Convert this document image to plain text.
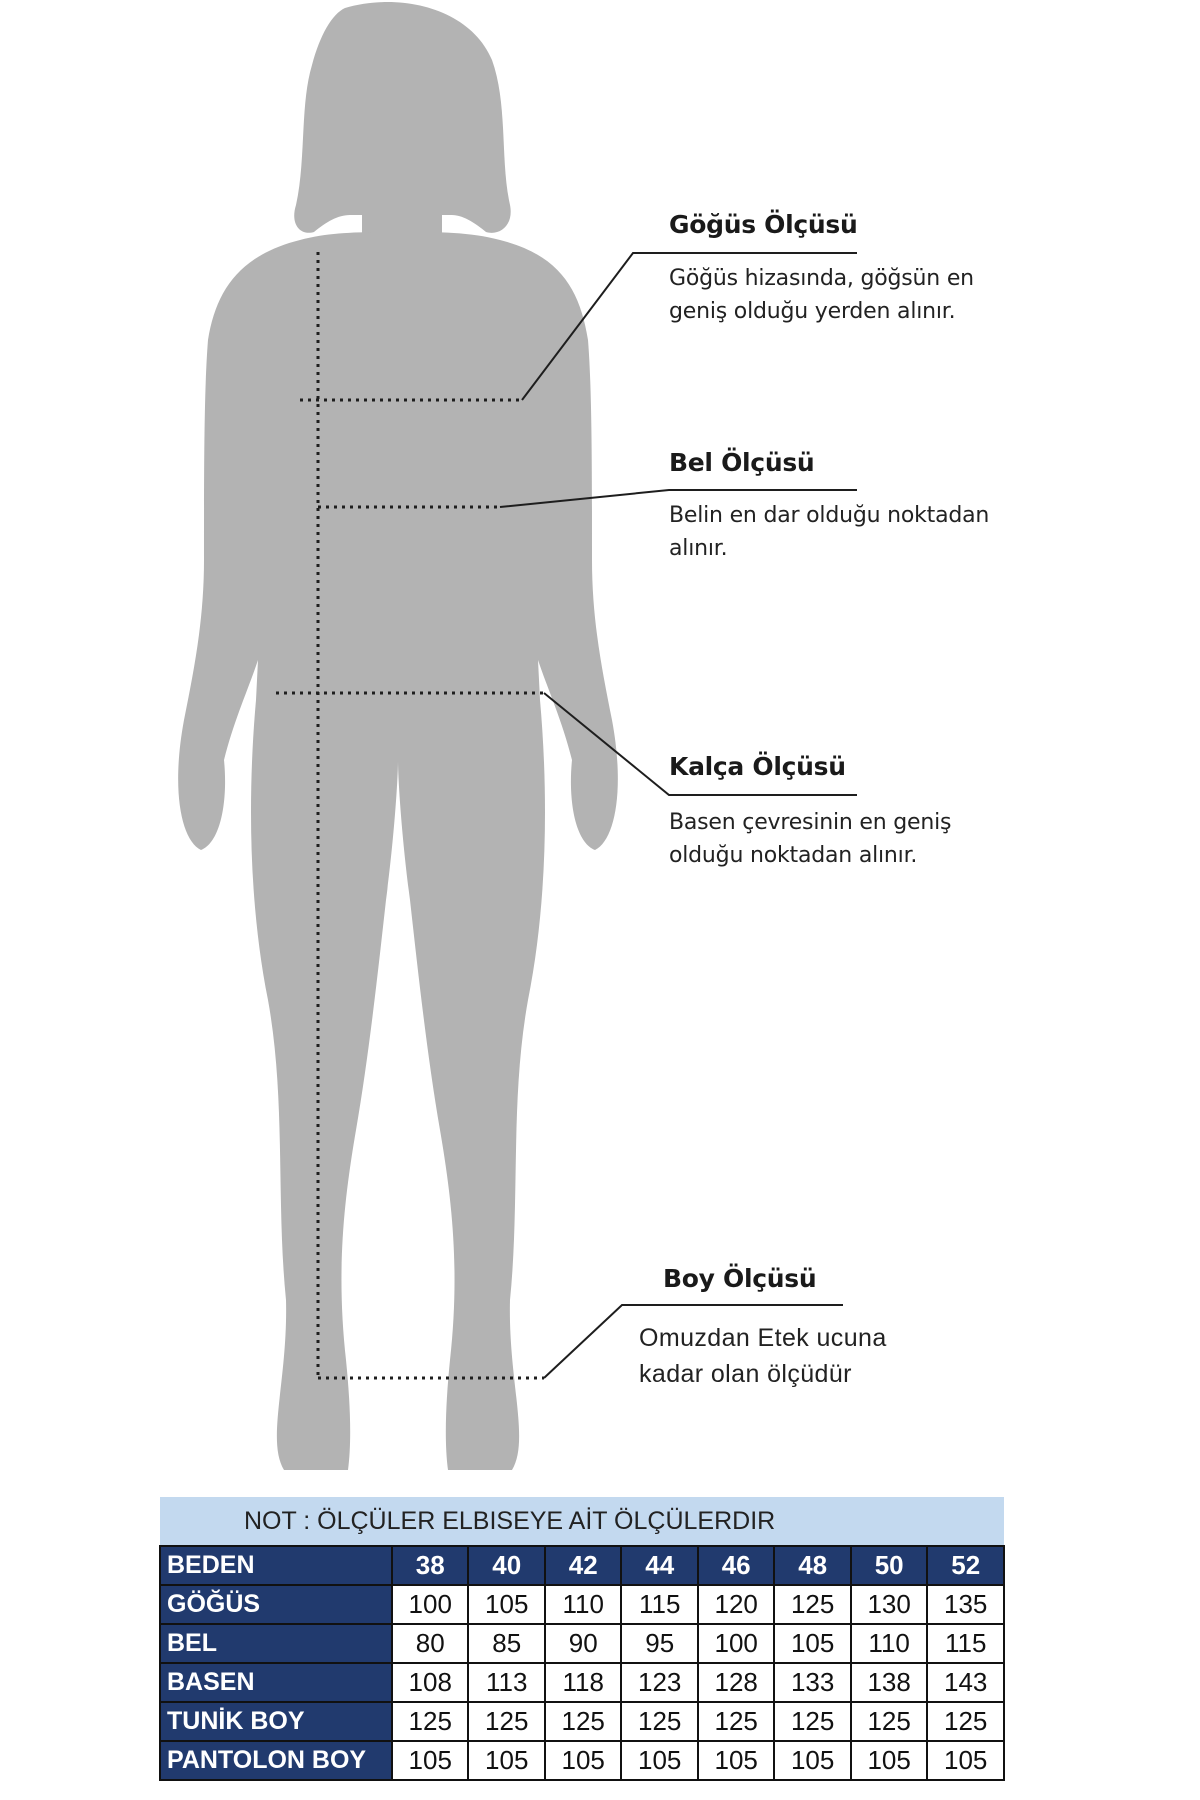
Göğüs Ölçüsü
Göğüs hizasında, göğsün en
geniş olduğu yerden alınır.
Bel Ölçüsü
Belin en dar olduğu noktadan
alınır.
Kalça Ölçüsü
Basen çevresinin en geniş
olduğu noktadan alınır.
Boy Ölçüsü
Omuzdan Etek ucuna
kadar olan ölçüdür
NOT : ÖLÇÜLER ELBISEYE AİT ÖLÇÜLERDIR								
BEDEN	38	40	42	44	46	48	50	52
GÖĞÜS	100	105	110	115	120	125	130	135
BEL	80	85	90	95	100	105	110	115
BASEN	108	113	118	123	128	133	138	143
TUNİK BOY	125	125	125	125	125	125	125	125
PANTOLON BOY	105	105	105	105	105	105	105	105
